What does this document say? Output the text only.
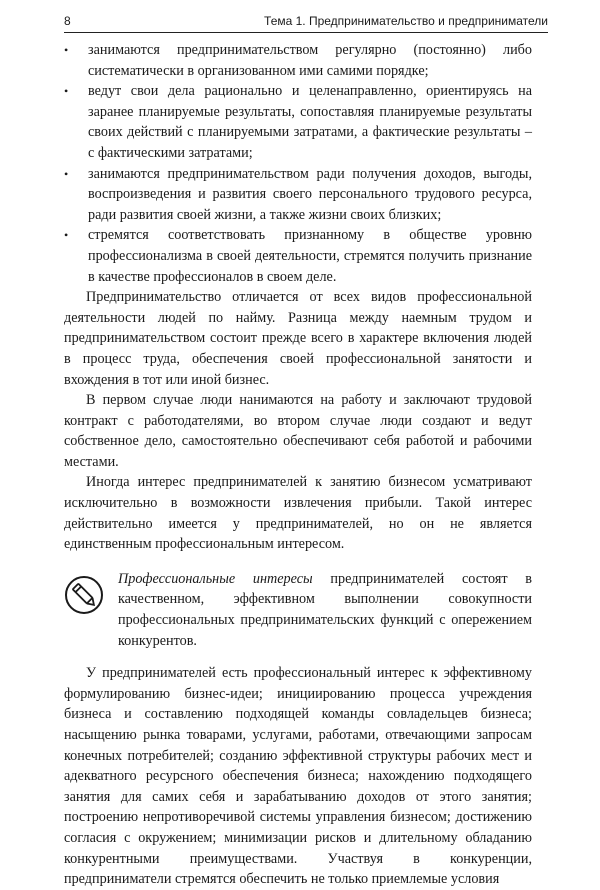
8	Тема 1. Предпринимательство и предприниматели
• занимаются предпринимательством регулярно (постоянно) либо систематически в организованном ими самими порядке;
• ведут свои дела рационально и целенаправленно, ориентируясь на заранее планируемые результаты, сопоставляя планируемые результаты своих действий с планируемыми затратами, а фактические результаты – с фактическими затратами;
• занимаются предпринимательством ради получения доходов, выгоды, воспроизведения и развития своего персонального трудового ресурса, ради развития своей жизни, а также жизни своих близких;
• стремятся соответствовать признанному в обществе уровню профессионализма в своей деятельности, стремятся получить признание в качестве профессионалов в своем деле.

Предпринимательство отличается от всех видов профессиональной деятельности людей по найму. Разница между наемным трудом и предпринимательством состоит прежде всего в характере включения людей в процесс труда, обеспечения своей профессиональной занятости и вхождения в тот или иной бизнес.

В первом случае люди нанимаются на работу и заключают трудовой контракт с работодателями, во втором случае люди создают и ведут собственное дело, самостоятельно обеспечивают себя работой и рабочими местами.

Иногда интерес предпринимателей к занятию бизнесом усматривают исключительно в возможности извлечения прибыли. Такой интерес действительно имеется у предпринимателей, но он не является единственным профессиональным интересом.

Профессиональные интересы предпринимателей состоят в качественном, эффективном выполнении совокупности профессиональных предпринимательских функций с опережением конкурентов.

У предпринимателей есть профессиональный интерес к эффективному формулированию бизнес-идеи; инициированию процесса учреждения бизнеса и составлению подходящей команды совладельцев бизнеса; насыщению рынка товарами, услугами, работами, отвечающими запросам конечных потребителей; созданию эффективной структуры рабочих мест и адекватного ресурсного обеспечения бизнеса; нахождению подходящего занятия для самих себя и зарабатыванию доходов от этого занятия; построению непротиворечивой системы управления бизнесом; достижению согласия с окружением; минимизации рисков и длительному обладанию конкурентными преимуществами. Участвуя в конкуренции, предприниматели стремятся обеспечить не только приемлемые условия
